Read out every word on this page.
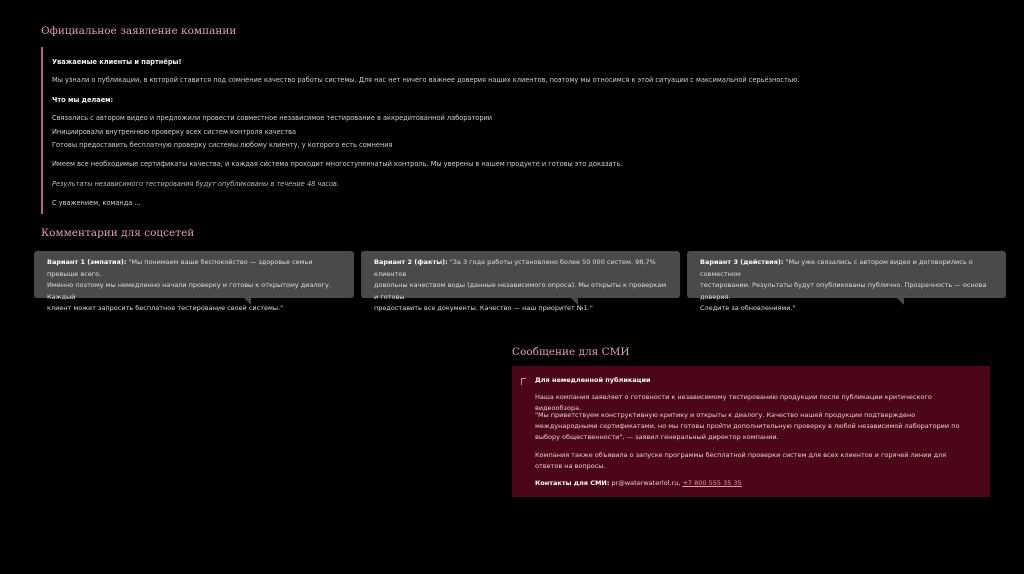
Официальное заявление компании

Уважаемые клиенты и партнёры!

Мы узнали о публикации, в которой ставится под сомнение качество работы системы. Для нас нет ничего важнее доверия наших клиентов, поэтому мы относимся к этой ситуации с максимальной серьёзностью.

Что мы делаем:

Связались с автором видео и предложили провести совместное независимое тестирование в аккредитованной лаборатории

Инициировали внутреннюю проверку всех систем контроля качества

Готовы предоставить бесплатную проверку системы любому клиенту, у которого есть сомнения

Имеем все необходимые сертификаты качества, и каждая система проходит многоступенчатый контроль. Мы уверены в нашем продукте и готовы это доказать.

Результаты независимого тестирования будут опубликованы в течение 48 часов.

С уважением, команда ...

Комментарии для соцсетей
Вариант 1 (эмпатия): "Мы понимаем ваше беспокойство — здоровье семьи превыше всего.
Именно поэтому мы немедленно начали проверку и готовы к открытому диалогу. Каждый
клиент может запросить бесплатное тестирование своей системы."
Вариант 2 (факты): "За 3 года работы установлено более 50 000 систем. 98,7% клиентов
довольны качеством воды (данные независимого опроса). Мы открыты к проверкам и готовы
предоставить все документы. Качество — наш приоритет №1."
Вариант 3 (действия): "Мы уже связались с автором видео и договорились о совместном
тестировании. Результаты будут опубликованы публично. Прозрачность — основа доверия.
Следите за обновлениями."
Сообщение для СМИ
Для немедленной публикации
Наша компания заявляет о готовности к независимому тестированию продукции после публикации критического видеообзора.
"Мы приветствуем конструктивную критику и открыты к диалогу. Качество нашей продукции подтверждено международными сертификатами, но мы готовы пройти дополнительную проверку в любой независимой лаборатории по выбору общественности", — заявил генеральный директор компании.
Компания также объявила о запуске программы бесплатной проверки систем для всех клиентов и горячей линии для ответов на вопросы.
Контакты для СМИ: pr@waterwaterlol.ru, +7 800 555 35 35
